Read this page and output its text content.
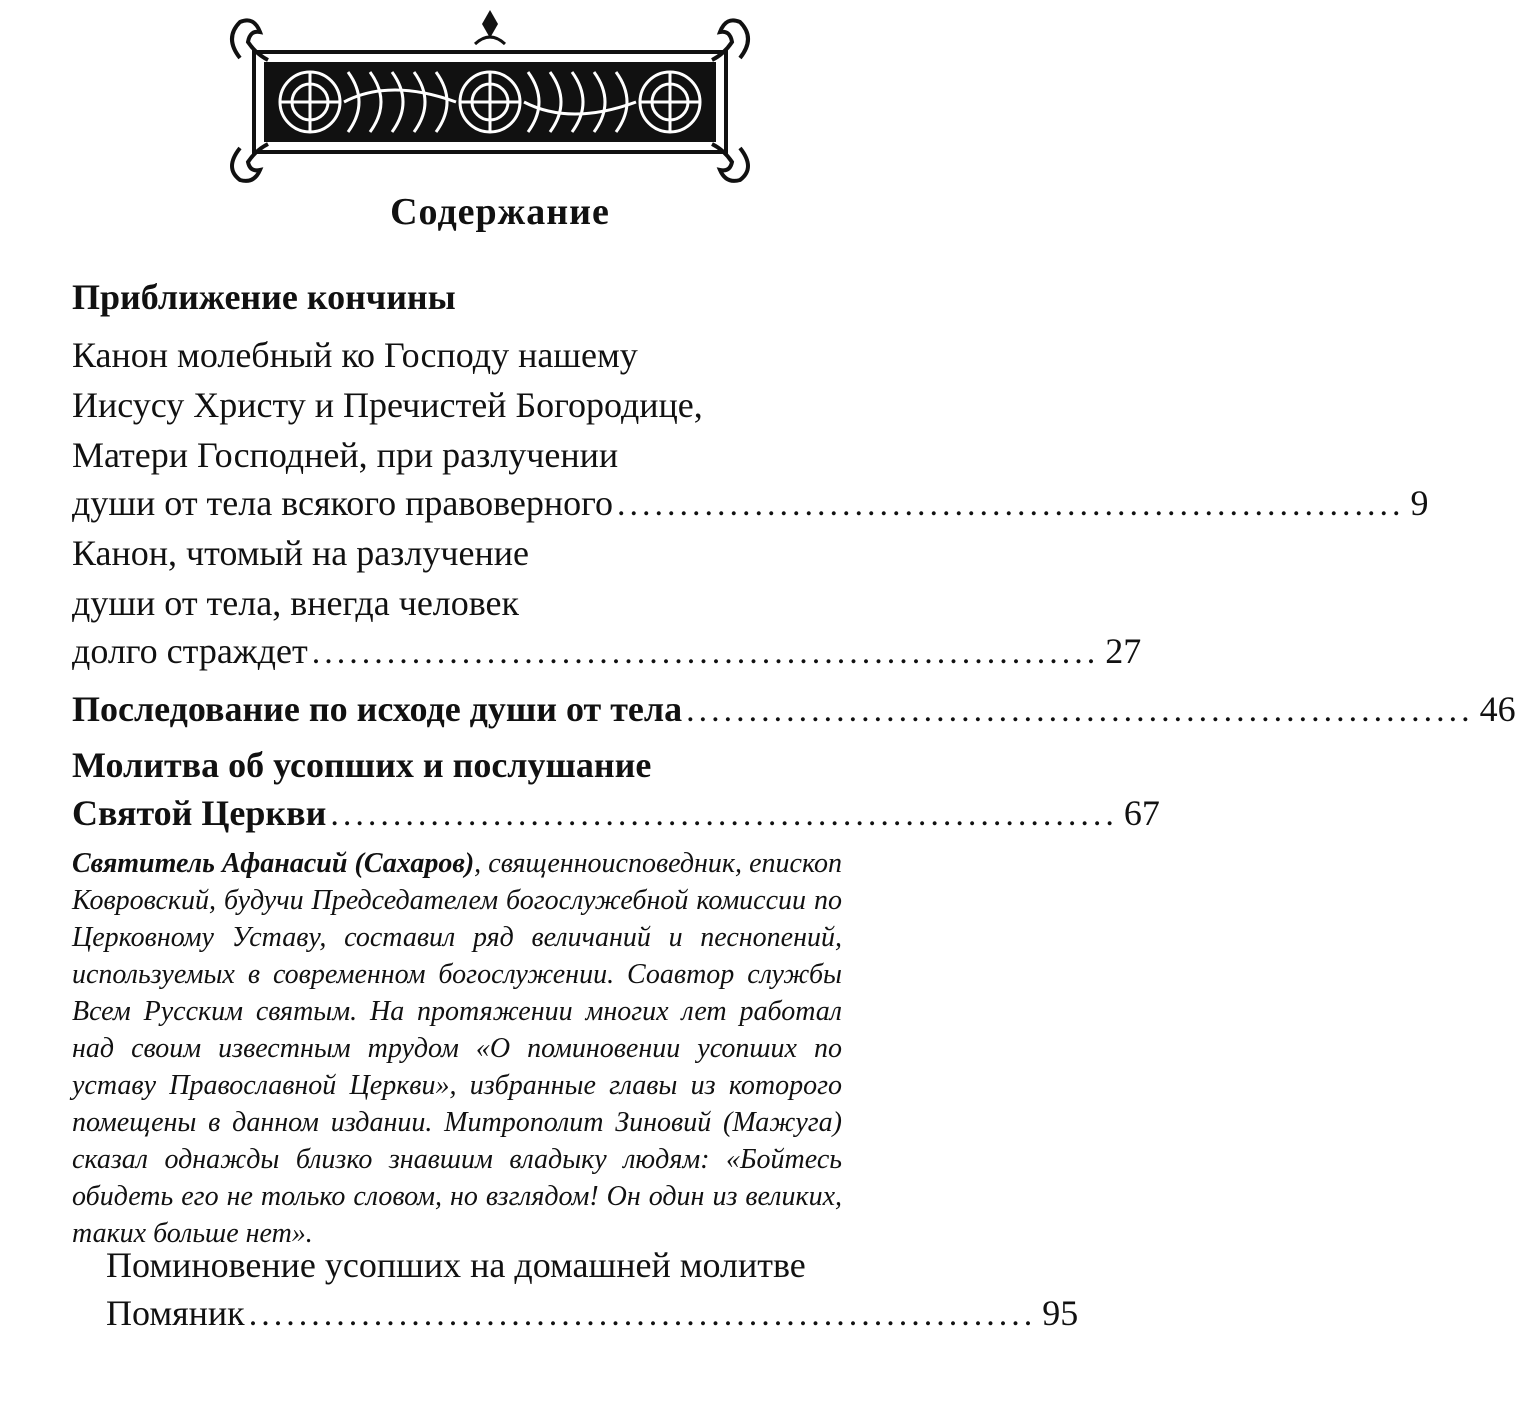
Содержание
Приближение кончины
Канон молебный ко Господу нашему
Иисусу Христу и Пречистей Богородице,
Матери Господней, при разлучении
души от тела всякого правоверного ............................................................... 9
Канон, чтомый на разлучение
души от тела, внегда человек
долго страждет ............................................................... 27
Последование по исходе души от тела ............................................................... 46
Молитва об усопших и послушание
Святой Церкви ............................................................... 67
Святитель Афанасий (Сахаров), священноисповедник, епископ Ковровский, будучи Председателем богослужебной комиссии по Церковному Уставу, составил ряд величаний и песнопений, используемых в современном богослужении. Соавтор службы Всем Русским святым. На протяжении многих лет работал над своим известным трудом «О поминовении усопших по уставу Православной Церкви», избранные главы из которого помещены в данном издании. Митрополит Зиновий (Мажуга) сказал однажды близко знавшим владыку людям: «Бойтесь обидеть его не только словом, но взглядом! Он один из великих, таких больше нет».
Поминовение усопших на домашней молитве
Помяник ............................................................... 95
